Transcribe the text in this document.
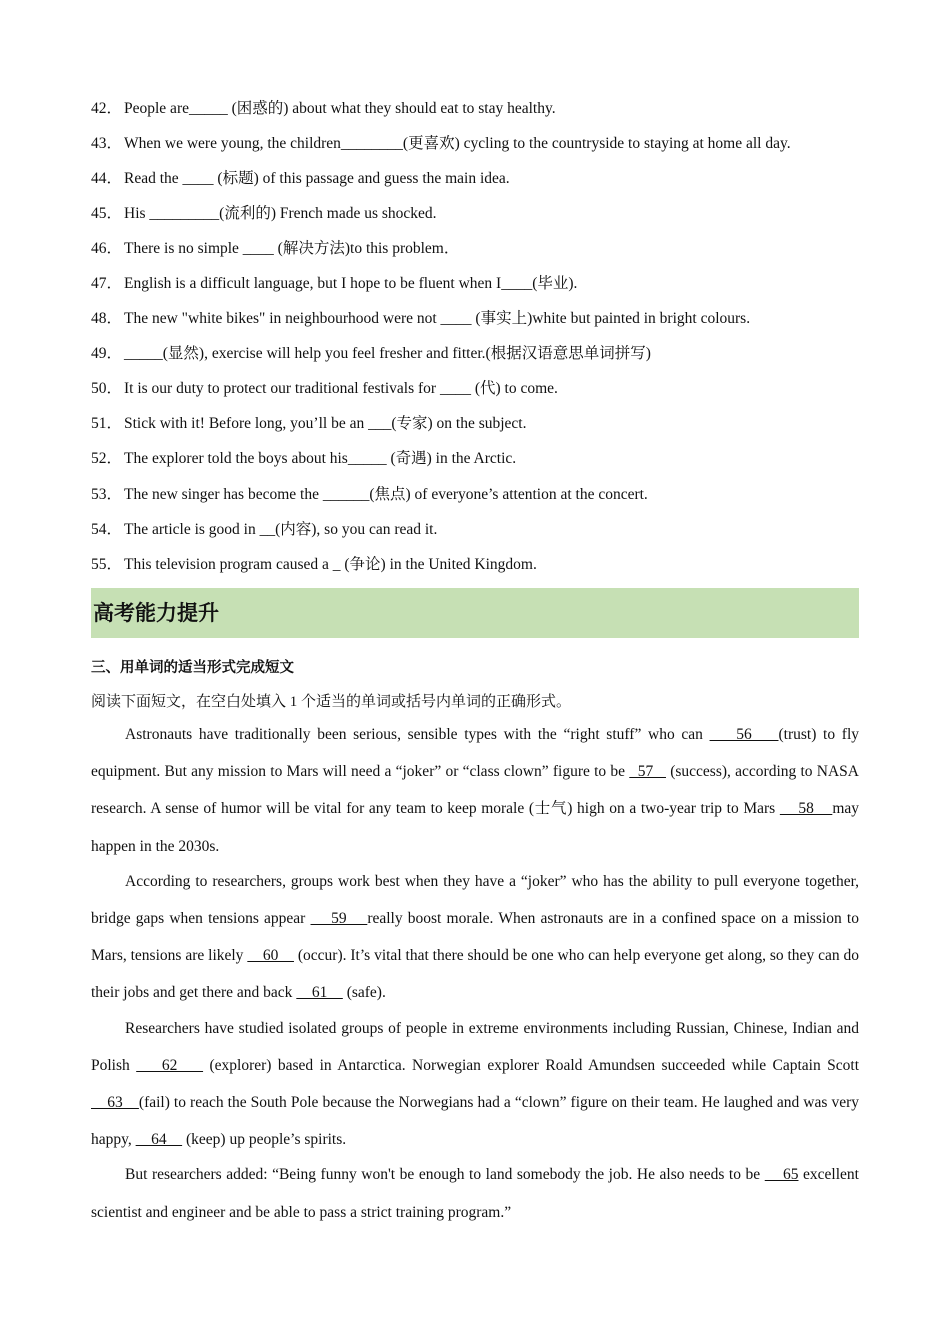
42． People are_____ (困惑的) about what they should eat to stay healthy.
43． When we were young, the children________(更喜欢) cycling to the countryside to staying at home all day.
44． Read the ____ (标题) of this passage and guess the main idea.
45． His _________(流利的) French made us shocked.
46． There is no simple ____ (解决方法)to this problem．
47． English is a difficult language, but I hope to be fluent when I____(毕业).
48． The new "white bikes" in neighbourhood were not ____ (事实上)white but painted in bright colours.
49． _____(显然), exercise will help you feel fresher and fitter.(根据汉语意思单词拼写)
50． It is our duty to protect our traditional festivals for ____ (代) to come.
51． Stick with it! Before long, you’ll be an ___(专家) on the subject.
52． The explorer told the boys about his_____ (奇遇) in the Arctic.
53． The new singer has become the ______(焦点) of everyone’s attention at the concert.
54． The article is good in __(内容), so you can read it.
55． This television program caused a _ (争论) in the United Kingdom.
高考能力提升
三、用单词的适当形式完成短文
阅读下面短文，在空白处填入 1 个适当的单词或括号内单词的正确形式。

Astronauts have traditionally been serious, sensible types with the “right stuff” who can     56    (trust) to fly equipment. But any mission to Mars will need a “joker” or “class clown” figure to be   57    (success), according to NASA research. A sense of humor will be vital for any team to keep morale (士气) high on a two-year trip to Mars     58    may happen in the 2030s.

According to researchers, groups work best when they have a “joker” who has the ability to pull everyone together, bridge gaps when tensions appear     59    really boost morale. When astronauts are in a confined space on a mission to Mars, tensions are likely     60     (occur). It’s vital that there should be one who can help everyone get along, so they can do their jobs and get there and back     61     (safe).

Researchers have studied isolated groups of people in extreme environments including Russian, Chinese, Indian and Polish     62     (explorer) based in Antarctica. Norwegian explorer Roald Amundsen succeeded while Captain Scott     63    (fail) to reach the South Pole because the Norwegians had a “clown” figure on their team. He laughed and was very happy,     64     (keep) up people’s spirits.

But researchers added: “Being funny won't be enough to land somebody the job. He also needs to be     65 excellent scientist and engineer and be able to pass a strict training program.”
